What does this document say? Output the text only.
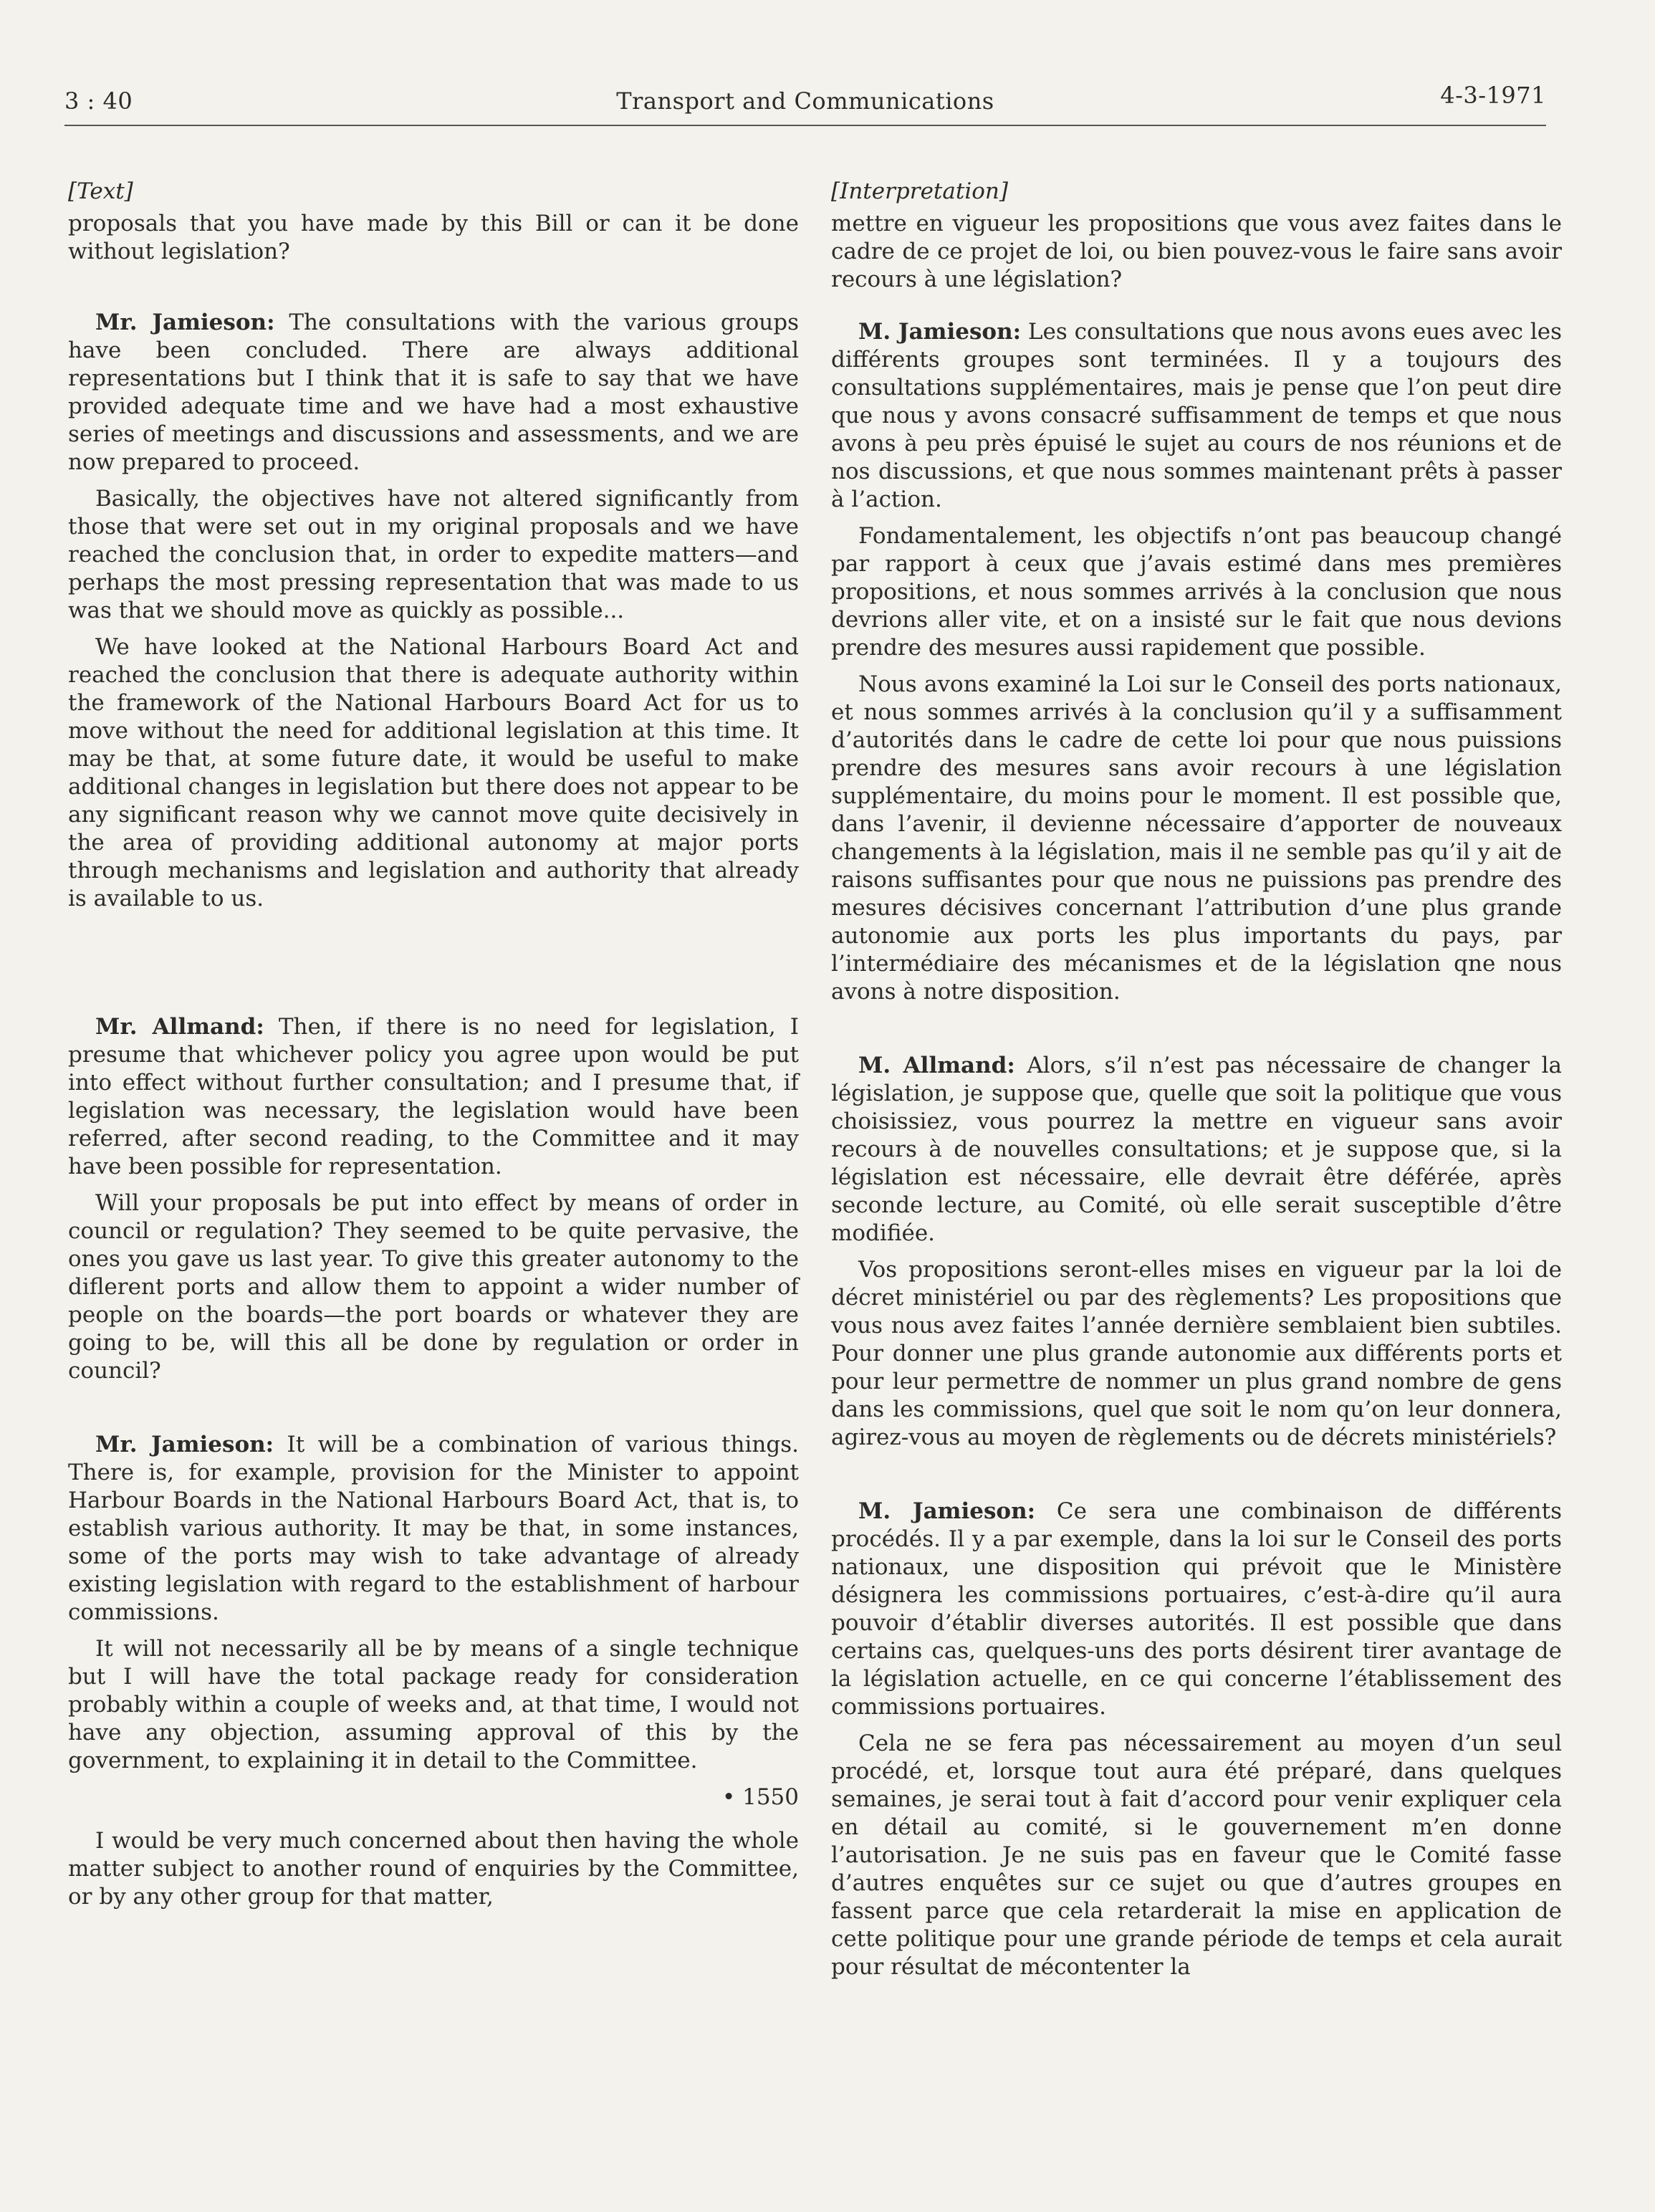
3 : 40	Transport and Communications	4-3-1971

[Text]

proposals that you have made by this Bill or can it be done without legislation?

Mr. Jamieson: The consultations with the various groups have been concluded. There are always additional representations but I think that it is safe to say that we have provided adequate time and we have had a most exhaustive series of meetings and discussions and assessments, and we are now prepared to proceed.

Basically, the objectives have not altered significantly from those that were set out in my original proposals and we have reached the conclusion that, in order to expedite matters—and perhaps the most pressing representation that was made to us was that we should move as quickly as possible...

We have looked at the National Harbours Board Act and reached the conclusion that there is adequate authority within the framework of the National Harbours Board Act for us to move without the need for additional legislation at this time. It may be that, at some future date, it would be useful to make additional changes in legislation but there does not appear to be any significant reason why we cannot move quite decisively in the area of providing additional autonomy at major ports through mechanisms and legislation and authority that already is available to us.

Mr. Allmand: Then, if there is no need for legislation, I presume that whichever policy you agree upon would be put into effect without further consultation; and I presume that, if legislation was necessary, the legislation would have been referred, after second reading, to the Committee and it may have been possible for representation.

Will your proposals be put into effect by means of order in council or regulation? They seemed to be quite pervasive, the ones you gave us last year. To give this greater autonomy to the diflerent ports and allow them to appoint a wider number of people on the boards—the port boards or whatever they are going to be, will this all be done by regulation or order in council?

Mr. Jamieson: It will be a combination of various things. There is, for example, provision for the Minister to appoint Harbour Boards in the National Harbours Board Act, that is, to establish various authority. It may be that, in some instances, some of the ports may wish to take advantage of already existing legislation with regard to the establishment of harbour commissions.

It will not necessarily all be by means of a single technique but I will have the total package ready for consideration probably within a couple of weeks and, at that time, I would not have any objection, assuming approval of this by the government, to explaining it in detail to the Committee.

• 1550

I would be very much concerned about then having the whole matter subject to another round of enquiries by the Committee, or by any other group for that matter,

[Interpretation]

mettre en vigueur les propositions que vous avez faites dans le cadre de ce projet de loi, ou bien pouvez-vous le faire sans avoir recours à une législation?

M. Jamieson: Les consultations que nous avons eues avec les différents groupes sont terminées. Il y a toujours des consultations supplémentaires, mais je pense que l’on peut dire que nous y avons consacré suffisamment de temps et que nous avons à peu près épuisé le sujet au cours de nos réunions et de nos discussions, et que nous sommes maintenant prêts à passer à l’action.

Fondamentalement, les objectifs n’ont pas beaucoup changé par rapport à ceux que j’avais estimé dans mes premières propositions, et nous sommes arrivés à la conclusion que nous devrions aller vite, et on a insisté sur le fait que nous devions prendre des mesures aussi rapidement que possible.

Nous avons examiné la Loi sur le Conseil des ports nationaux, et nous sommes arrivés à la conclusion qu’il y a suffisamment d’autorités dans le cadre de cette loi pour que nous puissions prendre des mesures sans avoir recours à une législation supplémentaire, du moins pour le moment. Il est possible que, dans l’avenir, il devienne nécessaire d’apporter de nouveaux changements à la législation, mais il ne semble pas qu’il y ait de raisons suffisantes pour que nous ne puissions pas prendre des mesures décisives concernant l’attribution d’une plus grande autonomie aux ports les plus importants du pays, par l’intermédiaire des mécanismes et de la législation qne nous avons à notre disposition.

M. Allmand: Alors, s’il n’est pas nécessaire de changer la législation, je suppose que, quelle que soit la politique que vous choisissiez, vous pourrez la mettre en vigueur sans avoir recours à de nouvelles consultations; et je suppose que, si la législation est nécessaire, elle devrait être déférée, après seconde lecture, au Comité, où elle serait susceptible d’être modifiée.

Vos propositions seront-elles mises en vigueur par la loi de décret ministériel ou par des règlements? Les propositions que vous nous avez faites l’année dernière semblaient bien subtiles. Pour donner une plus grande autonomie aux différents ports et pour leur permettre de nommer un plus grand nombre de gens dans les commissions, quel que soit le nom qu’on leur donnera, agirez-vous au moyen de règlements ou de décrets ministériels?

M. Jamieson: Ce sera une combinaison de différents procédés. Il y a par exemple, dans la loi sur le Conseil des ports nationaux, une disposition qui prévoit que le Ministère désignera les commissions portuaires, c’est-à-dire qu’il aura pouvoir d’établir diverses autorités. Il est possible que dans certains cas, quelques-uns des ports désirent tirer avantage de la législation actuelle, en ce qui concerne l’établissement des commissions portuaires.

Cela ne se fera pas nécessairement au moyen d’un seul procédé, et, lorsque tout aura été préparé, dans quelques semaines, je serai tout à fait d’accord pour venir expliquer cela en détail au comité, si le gouvernement m’en donne l’autorisation. Je ne suis pas en faveur que le Comité fasse d’autres enquêtes sur ce sujet ou que d’autres groupes en fassent parce que cela retarderait la mise en application de cette politique pour une grande période de temps et cela aurait pour résultat de mécontenter la
